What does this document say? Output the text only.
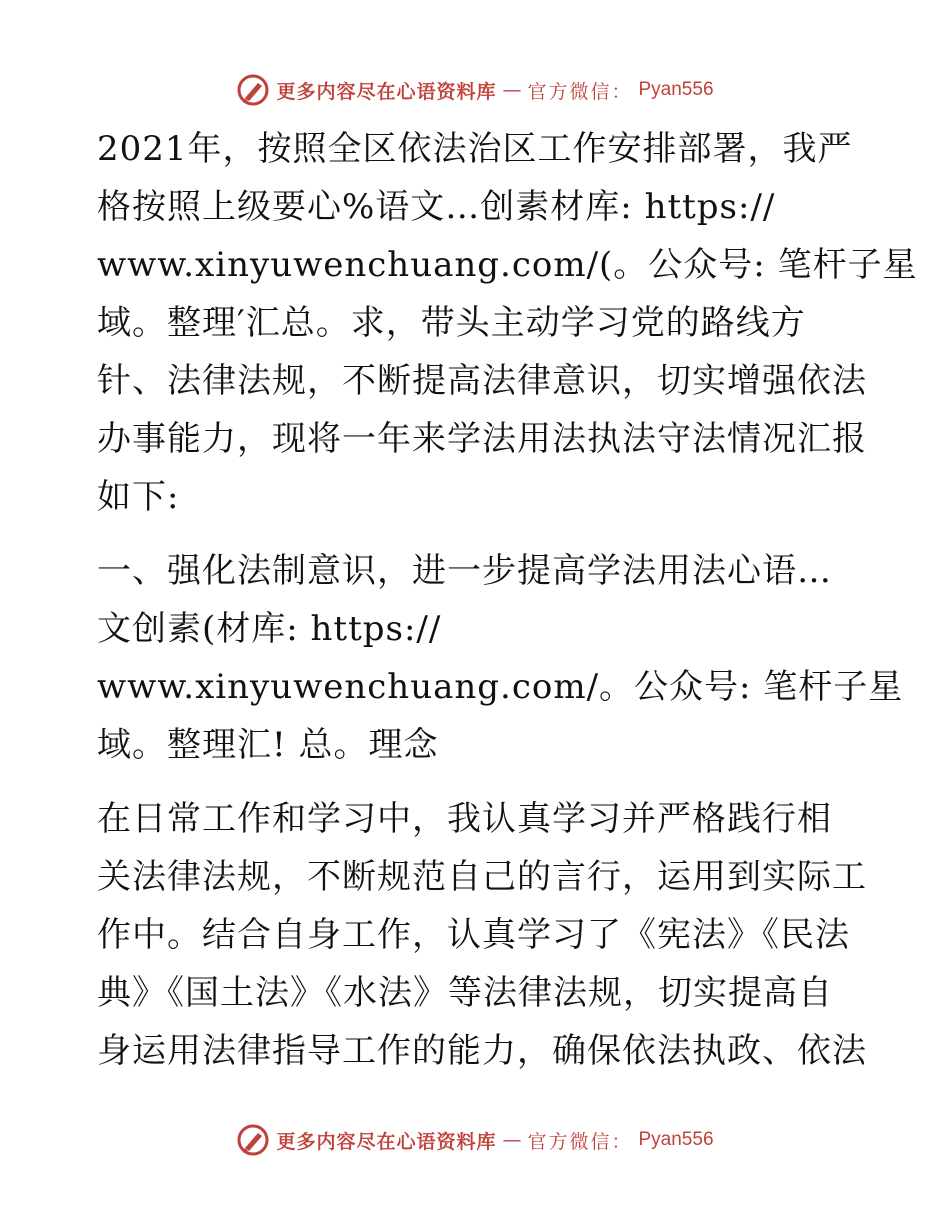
更多内容尽在心语资料库 — 官方微信： Pyan556

2021年，按照全区依法治区工作安排部署，我严
格按照上级要心%语文…创素材库: https://
www.xinyuwenchuang.com/(。公众号: 笔杆子星
域。整理′汇总。求，带头主动学习党的路线方
针、法律法规，不断提高法律意识，切实增强依法
办事能力，现将一年来学法用法执法守法情况汇报
如下:

一、强化法制意识，进一步提高学法用法心语…
文创素(材库: https://
www.xinyuwenchuang.com/。公众号: 笔杆子星
域。整理汇! 总。理念

在日常工作和学习中，我认真学习并严格践行相
关法律法规，不断规范自己的言行，运用到实际工
作中。结合自身工作，认真学习了《宪法》《民法
典》《国土法》《水法》等法律法规，切实提高自
身运用法律指导工作的能力，确保依法执政、依法

更多内容尽在心语资料库 — 官方微信： Pyan556
